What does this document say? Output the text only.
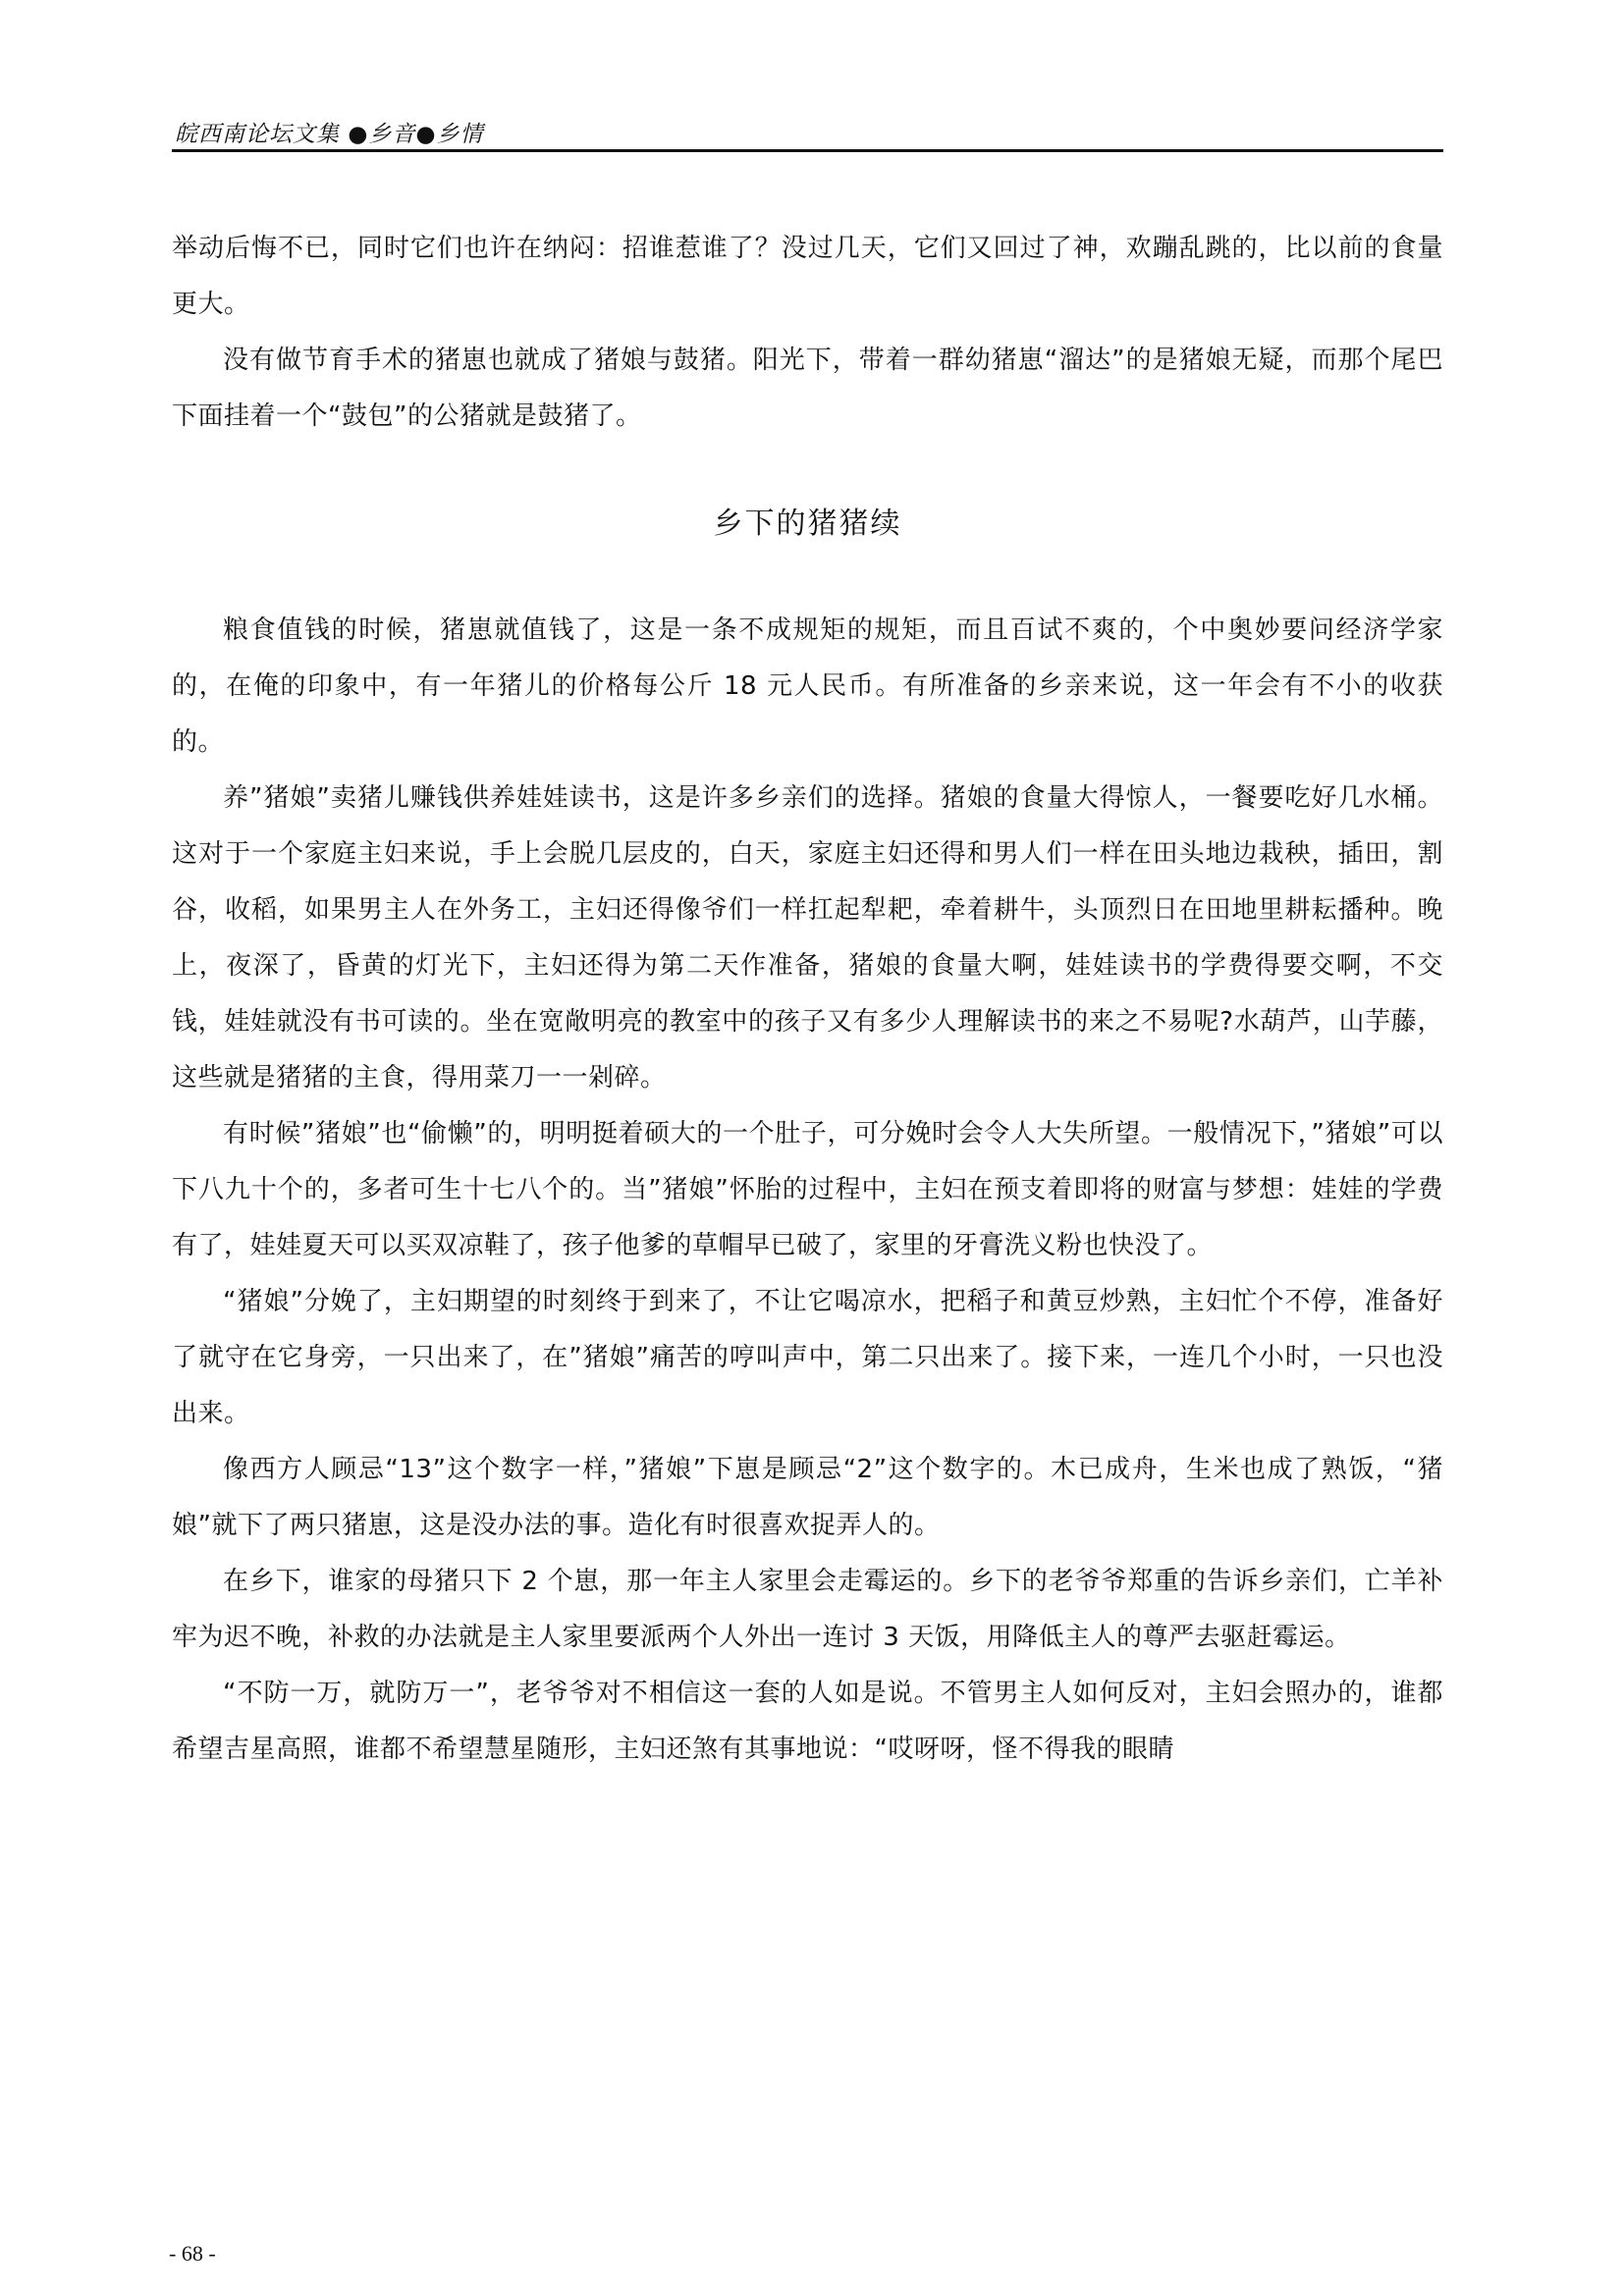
皖西南论坛文集 ●乡音●乡情

举动后悔不已，同时它们也许在纳闷：招谁惹谁了？没过几天，它们又回过了神，欢蹦乱跳的，比以前的食量更大。

没有做节育手术的猪崽也就成了猪娘与鼓猪。阳光下，带着一群幼猪崽“溜达”的是猪娘无疑，而那个尾巴下面挂着一个“鼓包”的公猪就是鼓猪了。

乡下的猪猪续

粮食值钱的时候，猪崽就值钱了，这是一条不成规矩的规矩，而且百试不爽的，个中奥妙要问经济学家的，在俺的印象中，有一年猪儿的价格每公斤 18 元人民币。有所准备的乡亲来说，这一年会有不小的收获的。

养”猪娘”卖猪儿赚钱供养娃娃读书，这是许多乡亲们的选择。猪娘的食量大得惊人，一餐要吃好几水桶。这对于一个家庭主妇来说，手上会脱几层皮的，白天，家庭主妇还得和男人们一样在田头地边栽秧，插田，割谷，收稻，如果男主人在外务工，主妇还得像爷们一样扛起犁耙，牵着耕牛，头顶烈日在田地里耕耘播种。晚上，夜深了，昏黄的灯光下，主妇还得为第二天作准备，猪娘的食量大啊，娃娃读书的学费得要交啊，不交钱，娃娃就没有书可读的。坐在宽敞明亮的教室中的孩子又有多少人理解读书的来之不易呢?水葫芦，山芋藤，这些就是猪猪的主食，得用菜刀一一剁碎。

有时候”猪娘”也“偷懒”的，明明挺着硕大的一个肚子，可分娩时会令人大失所望。一般情况下，”猪娘”可以下八九十个的，多者可生十七八个的。当”猪娘”怀胎的过程中，主妇在预支着即将的财富与梦想：娃娃的学费有了，娃娃夏天可以买双凉鞋了，孩子他爹的草帽早已破了，家里的牙膏洗义粉也快没了。

“猪娘”分娩了，主妇期望的时刻终于到来了，不让它喝凉水，把稻子和黄豆炒熟，主妇忙个不停，准备好了就守在它身旁，一只出来了，在”猪娘”痛苦的哼叫声中，第二只出来了。接下来，一连几个小时，一只也没出来。

像西方人顾忌“13”这个数字一样，”猪娘”下崽是顾忌“2”这个数字的。木已成舟，生米也成了熟饭，“猪娘”就下了两只猪崽，这是没办法的事。造化有时很喜欢捉弄人的。

在乡下，谁家的母猪只下 2 个崽，那一年主人家里会走霉运的。乡下的老爷爷郑重的告诉乡亲们，亡羊补牢为迟不晚，补救的办法就是主人家里要派两个人外出一连讨 3 天饭，用降低主人的尊严去驱赶霉运。

“不防一万，就防万一”，老爷爷对不相信这一套的人如是说。不管男主人如何反对，主妇会照办的，谁都希望吉星高照，谁都不希望慧星随形，主妇还煞有其事地说：“哎呀呀，怪不得我的眼睛

- 68 -
